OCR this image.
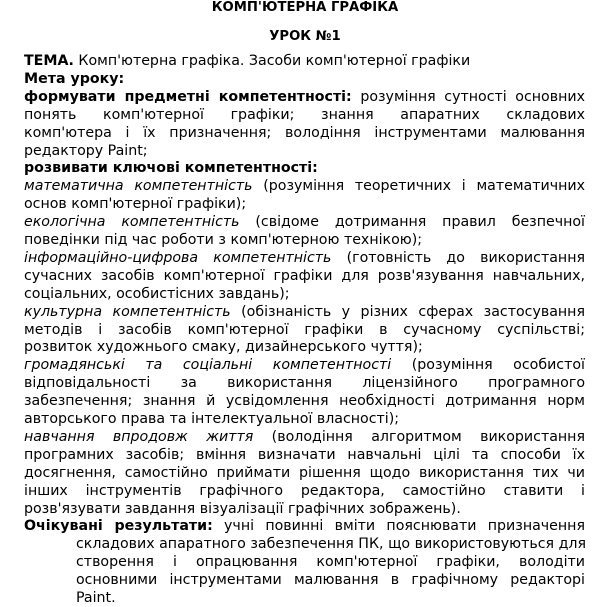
КОМП'ЮТЕРНА ГРАФІКА
УРОК №1
ТЕМА. Комп'ютерна графіка. Засоби комп'ютерної графіки
Мета уроку:
формувати предметні компетентності: розуміння сутності основних
понять комп'ютерної графіки; знання апаратних складових
комп'ютера і їх призначення; володіння інструментами малювання
редактору Paint;
розвивати ключові компетентності:
математична компетентність (розуміння теоретичних і математичних
основ комп'ютерної графіки);
екологічна компетентність (свідоме дотримання правил безпечної
поведінки під час роботи з комп'ютерною технікою);
інформаційно-цифрова компетентність (готовність до використання
сучасних засобів комп'ютерної графіки для розв'язування навчальних,
соціальних, особистісних завдань);
культурна компетентність (обізнаність у різних сферах застосування
методів і засобів комп'ютерної графіки в сучасному суспільстві;
розвиток художнього смаку, дизайнерського чуття);
громадянські та соціальні компетентності (розуміння особистої
відповідальності за використання ліцензійного програмного
забезпечення; знання й усвідомлення необхідності дотримання норм
авторського права та інтелектуальної власності);
навчання впродовж життя (володіння алгоритмом використання
програмних засобів; вміння визначати навчальні цілі та способи їх
досягнення, самостійно приймати рішення щодо використання тих чи
інших інструментів графічного редактора, самостійно ставити і
розв'язувати завдання візуалізації графічних зображень).
Очікувані результати: учні повинні вміти пояснювати призначення
складових апаратного забезпечення ПК, що використовуються для
створення і опрацювання комп'ютерної графіки, володіти
основними інструментами малювання в графічному редакторі
Paint.
